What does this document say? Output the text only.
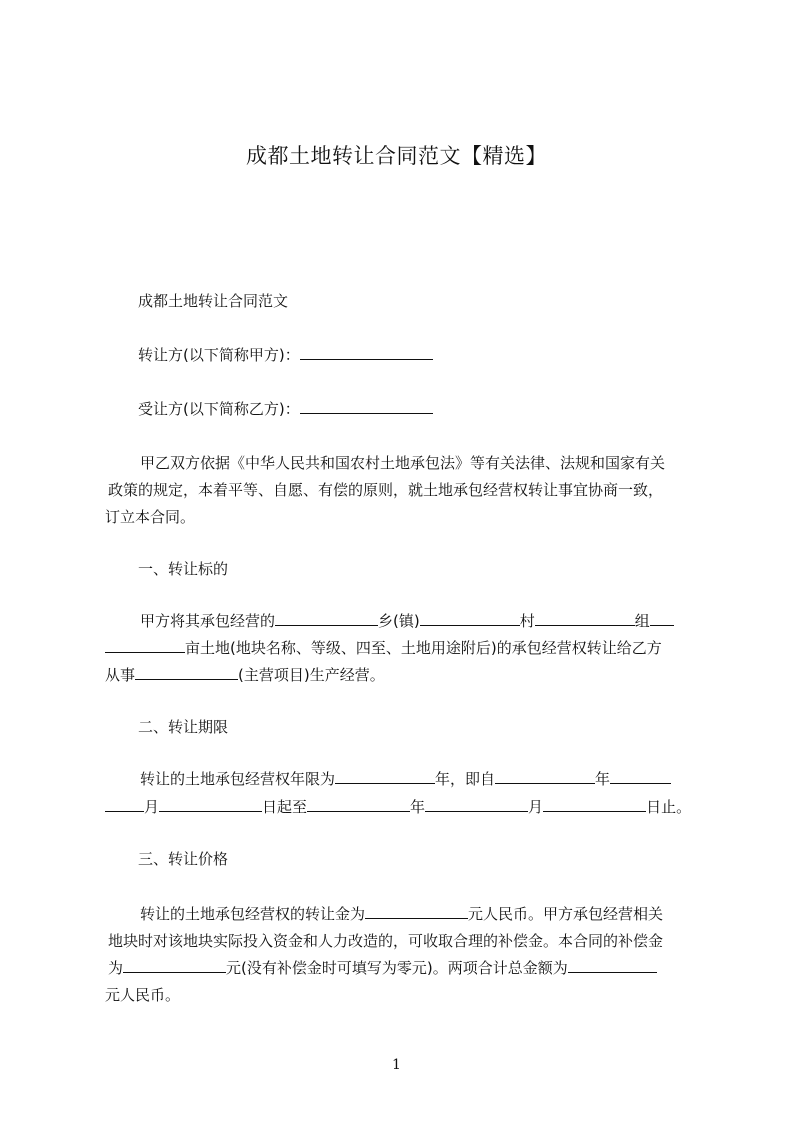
成都土地转让合同范文【精选】
成都土地转让合同范文
转让方(以下简称甲方)：
受让方(以下简称乙方)：
甲乙双方依据《中华人民共和国农村土地承包法》等有关法律、法规和国家有关
政策的规定，本着平等、自愿、有偿的原则，就土地承包经营权转让事宜协商一致，
订立本合同。
一、转让标的
甲方将其承包经营的	乡(镇)	村	组
亩土地(地块名称、等级、四至、土地用途附后)的承包经营权转让给乙方
从事	(主营项目)生产经营。
二、转让期限
转让的土地承包经营权年限为	年，即自	年
月	日起至	年	月	日止。
三、转让价格
转让的土地承包经营权的转让金为	元人民币。甲方承包经营相关
地块时对该地块实际投入资金和人力改造的，可收取合理的补偿金。本合同的补偿金
为	元(没有补偿金时可填写为零元)。两项合计总金额为
元人民币。
1
